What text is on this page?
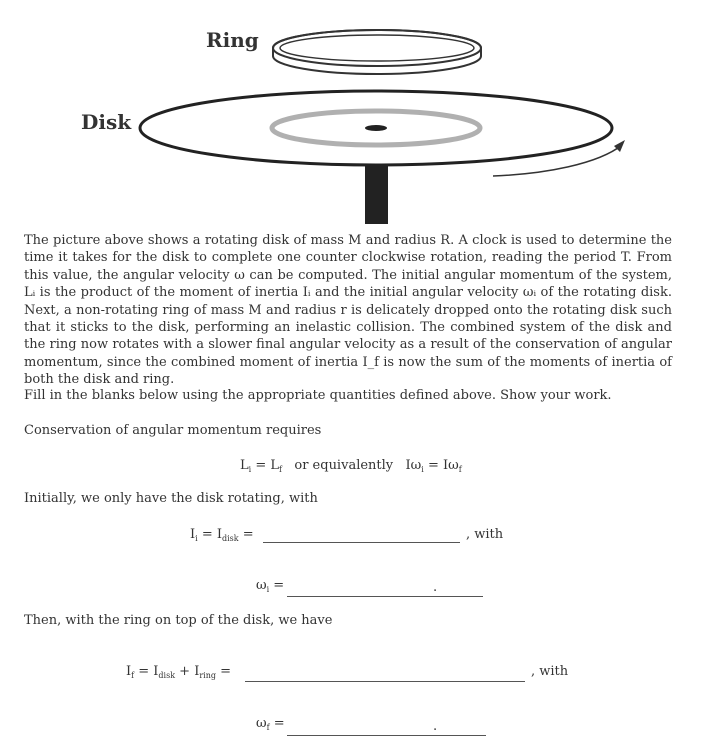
Ring
Disk
The picture above shows a rotating disk of mass M and radius R. A clock is used to determine the time it takes for the disk to complete one counter clockwise rotation, reading the period T. From this value, the angular velocity ω can be computed. The initial angular momentum of the system, Lᵢ is the product of the moment of inertia Iᵢ and the initial angular velocity ωᵢ of the rotating disk. Next, a non-rotating ring of mass M and radius r is delicately dropped onto the rotating disk such that it sticks to the disk, performing an inelastic collision. The combined system of the disk and the ring now rotates with a slower final angular velocity as a result of the conservation of angular momentum, since the combined moment of inertia I_f is now the sum of the moments of inertia of both the disk and ring.
Fill in the blanks below using the appropriate quantities defined above. Show your work.
Conservation of angular momentum requires
$L_i = L_f$ or equivalently   $I\omega_i = I\omega_f$
Initially, we only have the disk rotating, with
$I_i = I_{disk}$ =	, with
$\omega_i$ =	.
Then, with the ring on top of the disk, we have
$I_f = I_{disk} + I_{ring}$ =	, with
$\omega_f$ =	.
